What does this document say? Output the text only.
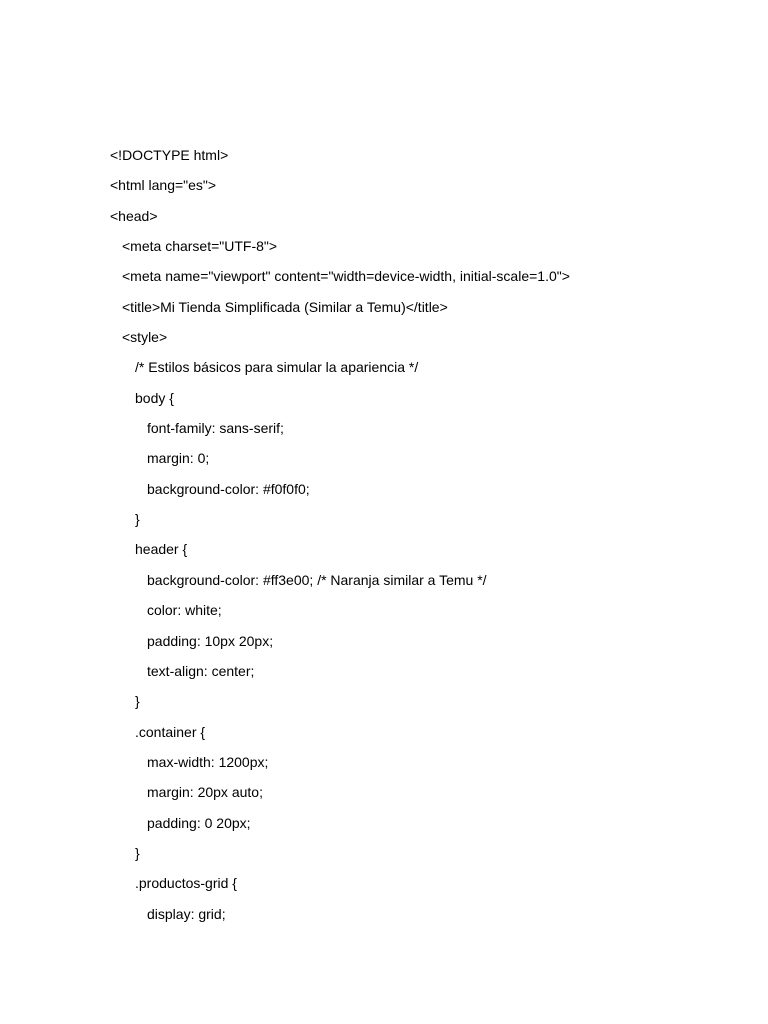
<!DOCTYPE html>
<html lang="es">
<head>
<meta charset="UTF-8">
<meta name="viewport" content="width=device-width, initial-scale=1.0">
<title>Mi Tienda Simplificada (Similar a Temu)</title>
<style>
/* Estilos básicos para simular la apariencia */
body {
font-family: sans-serif;
margin: 0;
background-color: #f0f0f0;
}
header {
background-color: #ff3e00; /* Naranja similar a Temu */
color: white;
padding: 10px 20px;
text-align: center;
}
.container {
max-width: 1200px;
margin: 20px auto;
padding: 0 20px;
}
.productos-grid {
display: grid;
